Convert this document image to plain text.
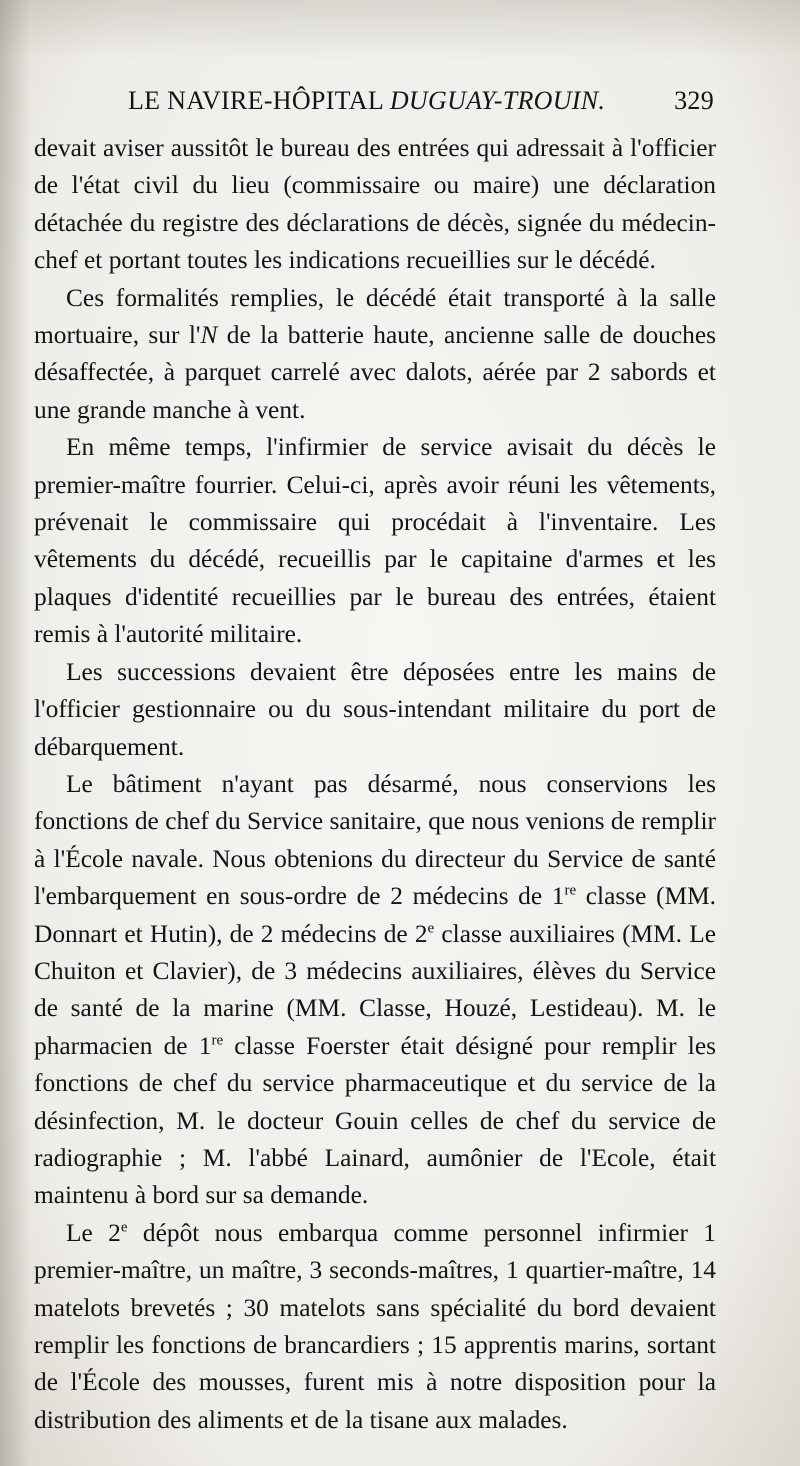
LE NAVIRE-HÔPITAL DUGUAY-TROUIN.	329

devait aviser aussitôt le bureau des entrées qui adressait à l'officier de l'état civil du lieu (commissaire ou maire) une déclaration détachée du registre des déclarations de décès, signée du médecin-chef et portant toutes les indications recueillies sur le décédé.

Ces formalités remplies, le décédé était transporté à la salle mortuaire, sur l'N de la batterie haute, ancienne salle de douches désaffectée, à parquet carrelé avec dalots, aérée par 2 sabords et une grande manche à vent.

En même temps, l'infirmier de service avisait du décès le premier-maître fourrier. Celui-ci, après avoir réuni les vêtements, prévenait le commissaire qui procédait à l'inventaire. Les vêtements du décédé, recueillis par le capitaine d'armes et les plaques d'identité recueillies par le bureau des entrées, étaient remis à l'autorité militaire.

Les successions devaient être déposées entre les mains de l'officier gestionnaire ou du sous-intendant militaire du port de débarquement.

Le bâtiment n'ayant pas désarmé, nous conservions les fonctions de chef du Service sanitaire, que nous venions de remplir à l'École navale. Nous obtenions du directeur du Service de santé l'embarquement en sous-ordre de 2 médecins de 1re classe (MM. Donnart et Hutin), de 2 médecins de 2e classe auxiliaires (MM. Le Chuiton et Clavier), de 3 médecins auxiliaires, élèves du Service de santé de la marine (MM. Classe, Houzé, Lestideau). M. le pharmacien de 1re classe Foerster était désigné pour remplir les fonctions de chef du service pharmaceutique et du service de la désinfection, M. le docteur Gouin celles de chef du service de radiographie ; M. l'abbé Lainard, aumônier de l'Ecole, était maintenu à bord sur sa demande.

Le 2e dépôt nous embarqua comme personnel infirmier 1 premier-maître, un maître, 3 seconds-maîtres, 1 quartier-maître, 14 matelots brevetés ; 30 matelots sans spécialité du bord devaient remplir les fonctions de brancardiers ; 15 apprentis marins, sortant de l'École des mousses, furent mis à notre disposition pour la distribution des aliments et de la tisane aux malades.
